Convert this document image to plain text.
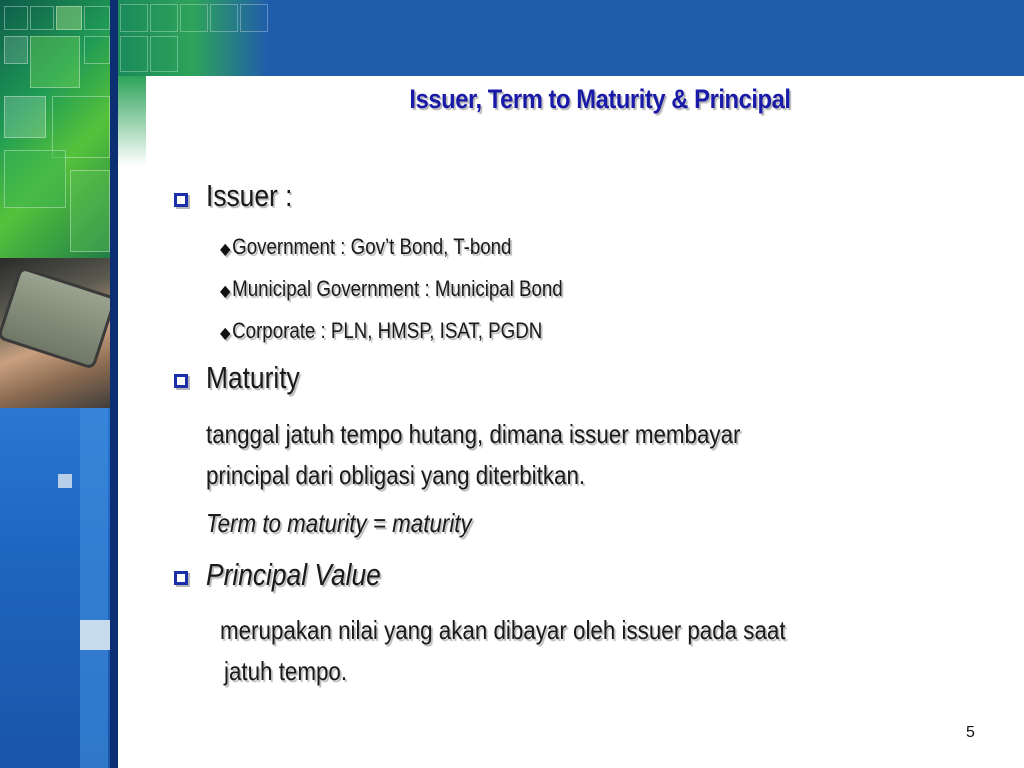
Issuer, Term to Maturity & Principal
Issuer :
◆Government : Gov’t Bond, T-bond
◆Municipal Government : Municipal Bond
◆Corporate : PLN, HMSP, ISAT, PGDN
Maturity
tanggal jatuh tempo hutang, dimana issuer membayar
principal dari obligasi yang diterbitkan.
Term to maturity = maturity
Principal Value
merupakan nilai yang akan dibayar oleh issuer pada saat
jatuh tempo.
5
